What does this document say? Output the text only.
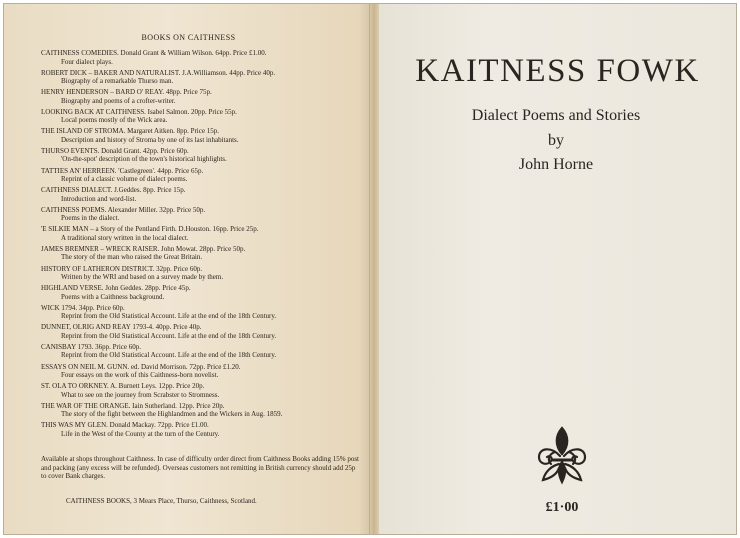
BOOKS ON CAITHNESS
CAITHNESS COMEDIES. Donald Grant & William Wilson. 64pp. Price £1.00.
Four dialect plays.
ROBERT DICK – BAKER AND NATURALIST. J.A.Williamson. 44pp. Price 40p.
Biography of a remarkable Thurso man.
HENRY HENDERSON – BARD O' REAY. 48pp. Price 75p.
Biography and poems of a crofter-writer.
LOOKING BACK AT CAITHNESS. Isabel Salmon. 20pp. Price 55p.
Local poems mostly of the Wick area.
THE ISLAND OF STROMA. Margaret Aitken. 8pp. Price 15p.
Description and history of Stroma by one of its last inhabitants.
THURSO EVENTS. Donald Grant. 42pp. Price 60p.
'On-the-spot' description of the town's historical highlights.
TATTIES AN' HERREEN. 'Castlegreen'. 44pp. Price 65p.
Reprint of a classic volume of dialect poems.
CAITHNESS DIALECT. J.Geddes. 8pp. Price 15p.
Introduction and word-list.
CAITHNESS POEMS. Alexander Miller. 32pp. Price 50p.
Poems in the dialect.
'E SILKIE MAN – a Story of the Pentland Firth. D.Houston. 16pp. Price 25p.
A traditional story written in the local dialect.
JAMES BREMNER – WRECK RAISER. John Mowat. 28pp. Price 50p.
The story of the man who raised the Great Britain.
HISTORY OF LATHERON DISTRICT. 32pp. Price 60p.
Written by the WRI and based on a survey made by them.
HIGHLAND VERSE. John Geddes. 28pp. Price 45p.
Poems with a Caithness background.
WICK 1794. 34pp. Price 60p.
Reprint from the Old Statistical Account. Life at the end of the 18th Century.
DUNNET, OLRIG AND REAY 1793-4. 40pp. Price 40p.
Reprint from the Old Statistical Account. Life at the end of the 18th Century.
CANISBAY 1793. 36pp. Price 60p.
Reprint from the Old Statistical Account. Life at the end of the 18th Century.
ESSAYS ON NEIL M. GUNN. ed. David Morrison. 72pp. Price £1.20.
Four essays on the work of this Caithness-born novelist.
ST. OLA TO ORKNEY. A. Burnett Leys. 12pp. Price 20p.
What to see on the journey from Scrabster to Stromness.
THE WAR OF THE ORANGE. Iain Sutherland. 12pp. Price 20p.
The story of the fight between the Highlandmen and the Wickers in Aug. 1859.
THIS WAS MY GLEN. Donald Mackay. 72pp. Price £1.00.
Life in the West of the County at the turn of the Century.
Available at shops throughout Caithness. In case of difficulty order direct from Caithness Books adding 15% post and packing (any excess will be refunded). Overseas customers not remitting in British currency should add 25p to cover Bank charges.
CAITHNESS BOOKS, 3 Mears Place, Thurso, Caithness, Scotland.
KAITNESS FOWK
Dialect Poems and Stories
by
John Horne
£1·00
